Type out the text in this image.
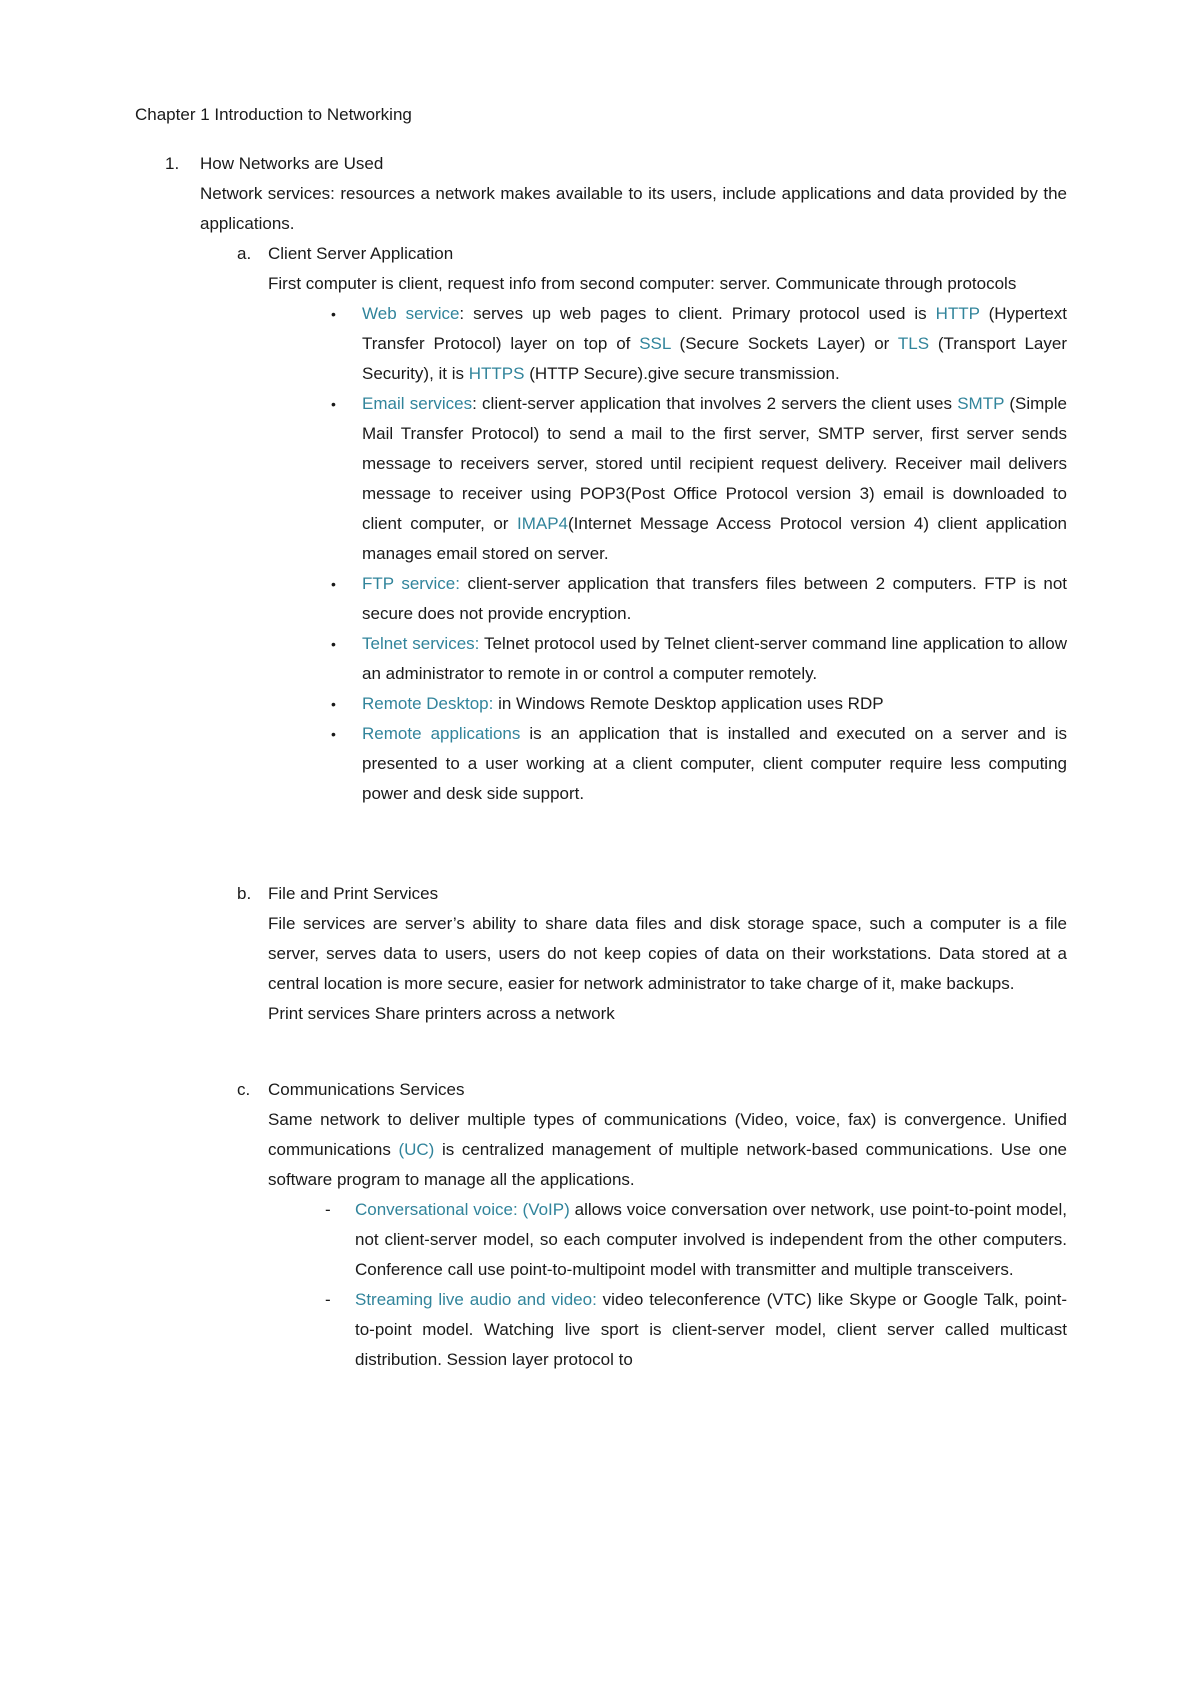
Chapter 1 Introduction to Networking
1. How Networks are Used

Network services: resources a network makes available to its users, include applications and data provided by the applications.

a. Client Server Application

First computer is client, request info from second computer: server. Communicate through protocols

• Web service: serves up web pages to client. Primary protocol used is HTTP (Hypertext Transfer Protocol) layer on top of SSL (Secure Sockets Layer) or TLS (Transport Layer Security), it is HTTPS (HTTP Secure).give secure transmission.
• Email services: client-server application that involves 2 servers the client uses SMTP (Simple Mail Transfer Protocol) to send a mail to the first server, SMTP server, first server sends message to receivers server, stored until recipient request delivery. Receiver mail delivers message to receiver using POP3(Post Office Protocol version 3) email is downloaded to client computer, or IMAP4(Internet Message Access Protocol version 4) client application manages email stored on server.
• FTP service: client-server application that transfers files between 2 computers. FTP is not secure does not provide encryption.
• Telnet services: Telnet protocol used by Telnet client-server command line application to allow an administrator to remote in or control a computer remotely.
• Remote Desktop: in Windows Remote Desktop application uses RDP
• Remote applications is an application that is installed and executed on a server and is presented to a user working at a client computer, client computer require less computing power and desk side support.
b. File and Print Services

File services are server’s ability to share data files and disk storage space, such a computer is a file server, serves data to users, users do not keep copies of data on their workstations. Data stored at a central location is more secure, easier for network administrator to take charge of it, make backups.

Print services Share printers across a network

c. Communications Services

Same network to deliver multiple types of communications (Video, voice, fax) is convergence. Unified communications (UC) is centralized management of multiple network-based communications. Use one software program to manage all the applications.

- Conversational voice: (VoIP) allows voice conversation over network, use point-to-point model, not client-server model, so each computer involved is independent from the other computers. Conference call use point-to-multipoint model with transmitter and multiple transceivers.
- Streaming live audio and video: video teleconference (VTC) like Skype or Google Talk, point-to-point model. Watching live sport is client-server model, client server called multicast distribution. Session layer protocol to
